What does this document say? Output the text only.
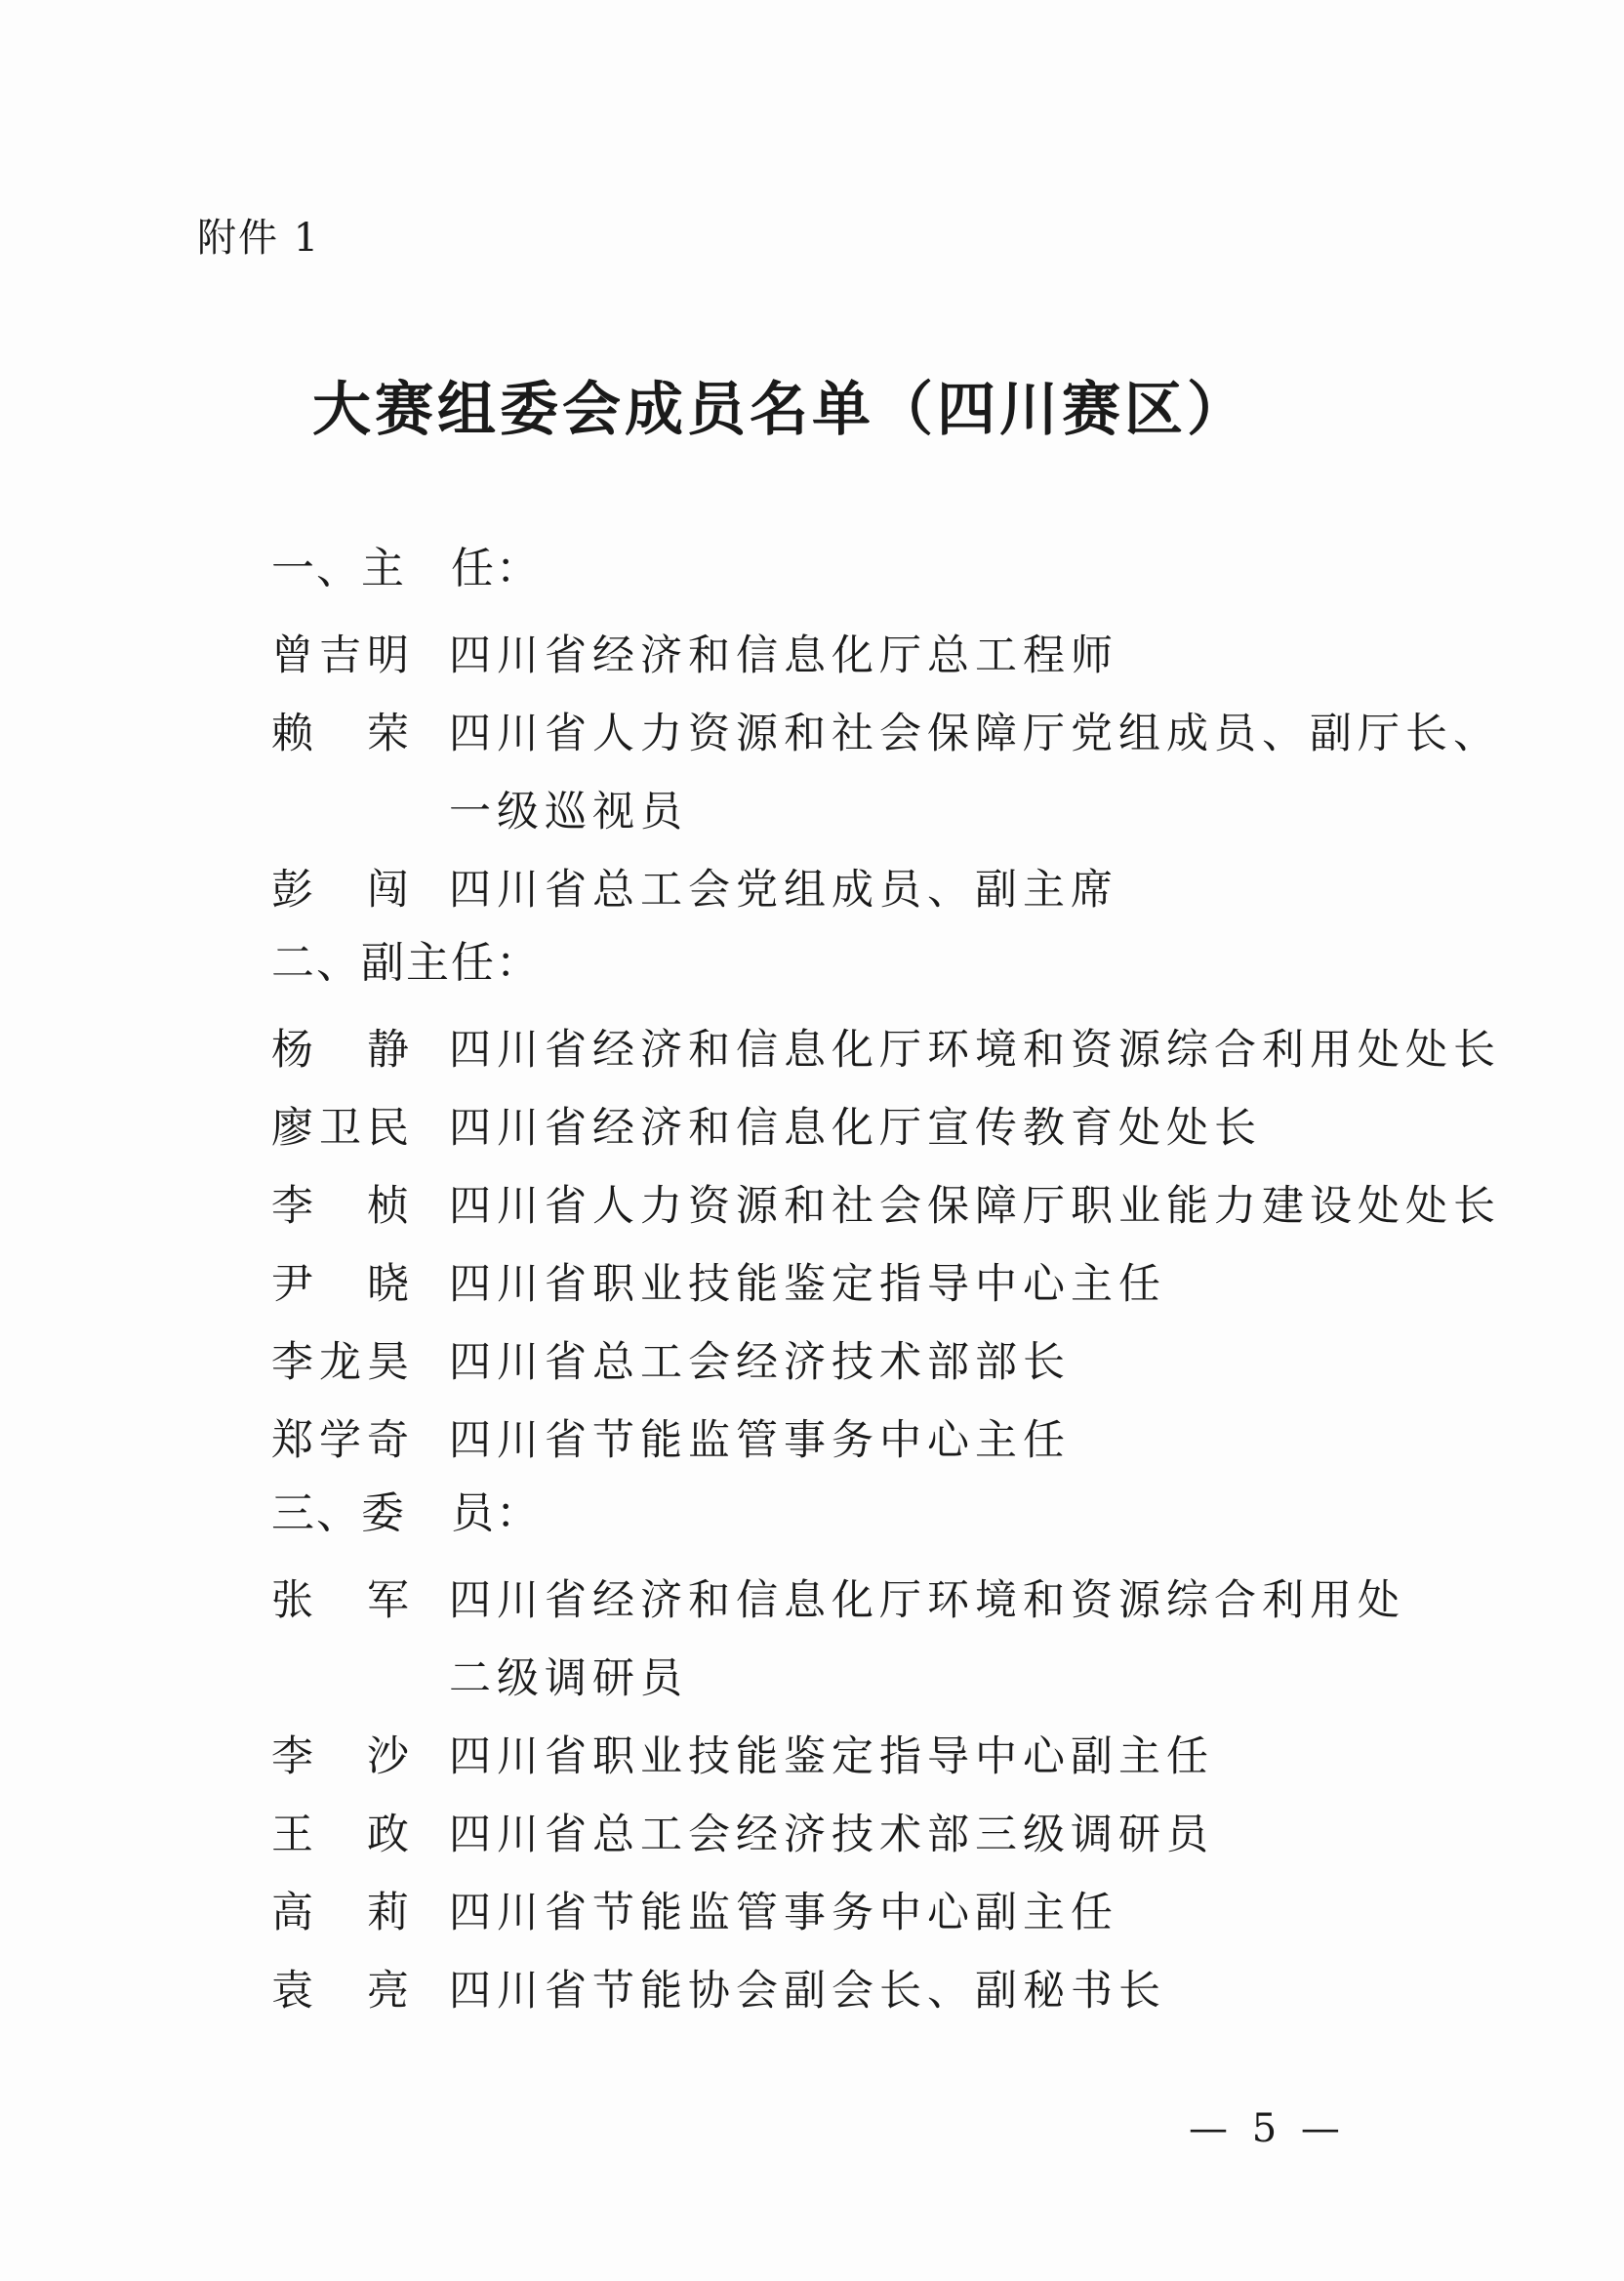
附件 1
大赛组委会成员名单（四川赛区）
一、主　任：
曾吉明 四川省经济和信息化厅总工程师
赖　荣 四川省人力资源和社会保障厅党组成员、副厅长、
一级巡视员
彭　闯 四川省总工会党组成员、副主席
二、副主任：
杨　静 四川省经济和信息化厅环境和资源综合利用处处长
廖卫民 四川省经济和信息化厅宣传教育处处长
李　桢 四川省人力资源和社会保障厅职业能力建设处处长
尹　晓 四川省职业技能鉴定指导中心主任
李龙昊 四川省总工会经济技术部部长
郑学奇 四川省节能监管事务中心主任
三、委　员：
张　军 四川省经济和信息化厅环境和资源综合利用处
二级调研员
李　沙 四川省职业技能鉴定指导中心副主任
王　政 四川省总工会经济技术部三级调研员
高　莉 四川省节能监管事务中心副主任
袁　亮 四川省节能协会副会长、副秘书长
— 5 —
